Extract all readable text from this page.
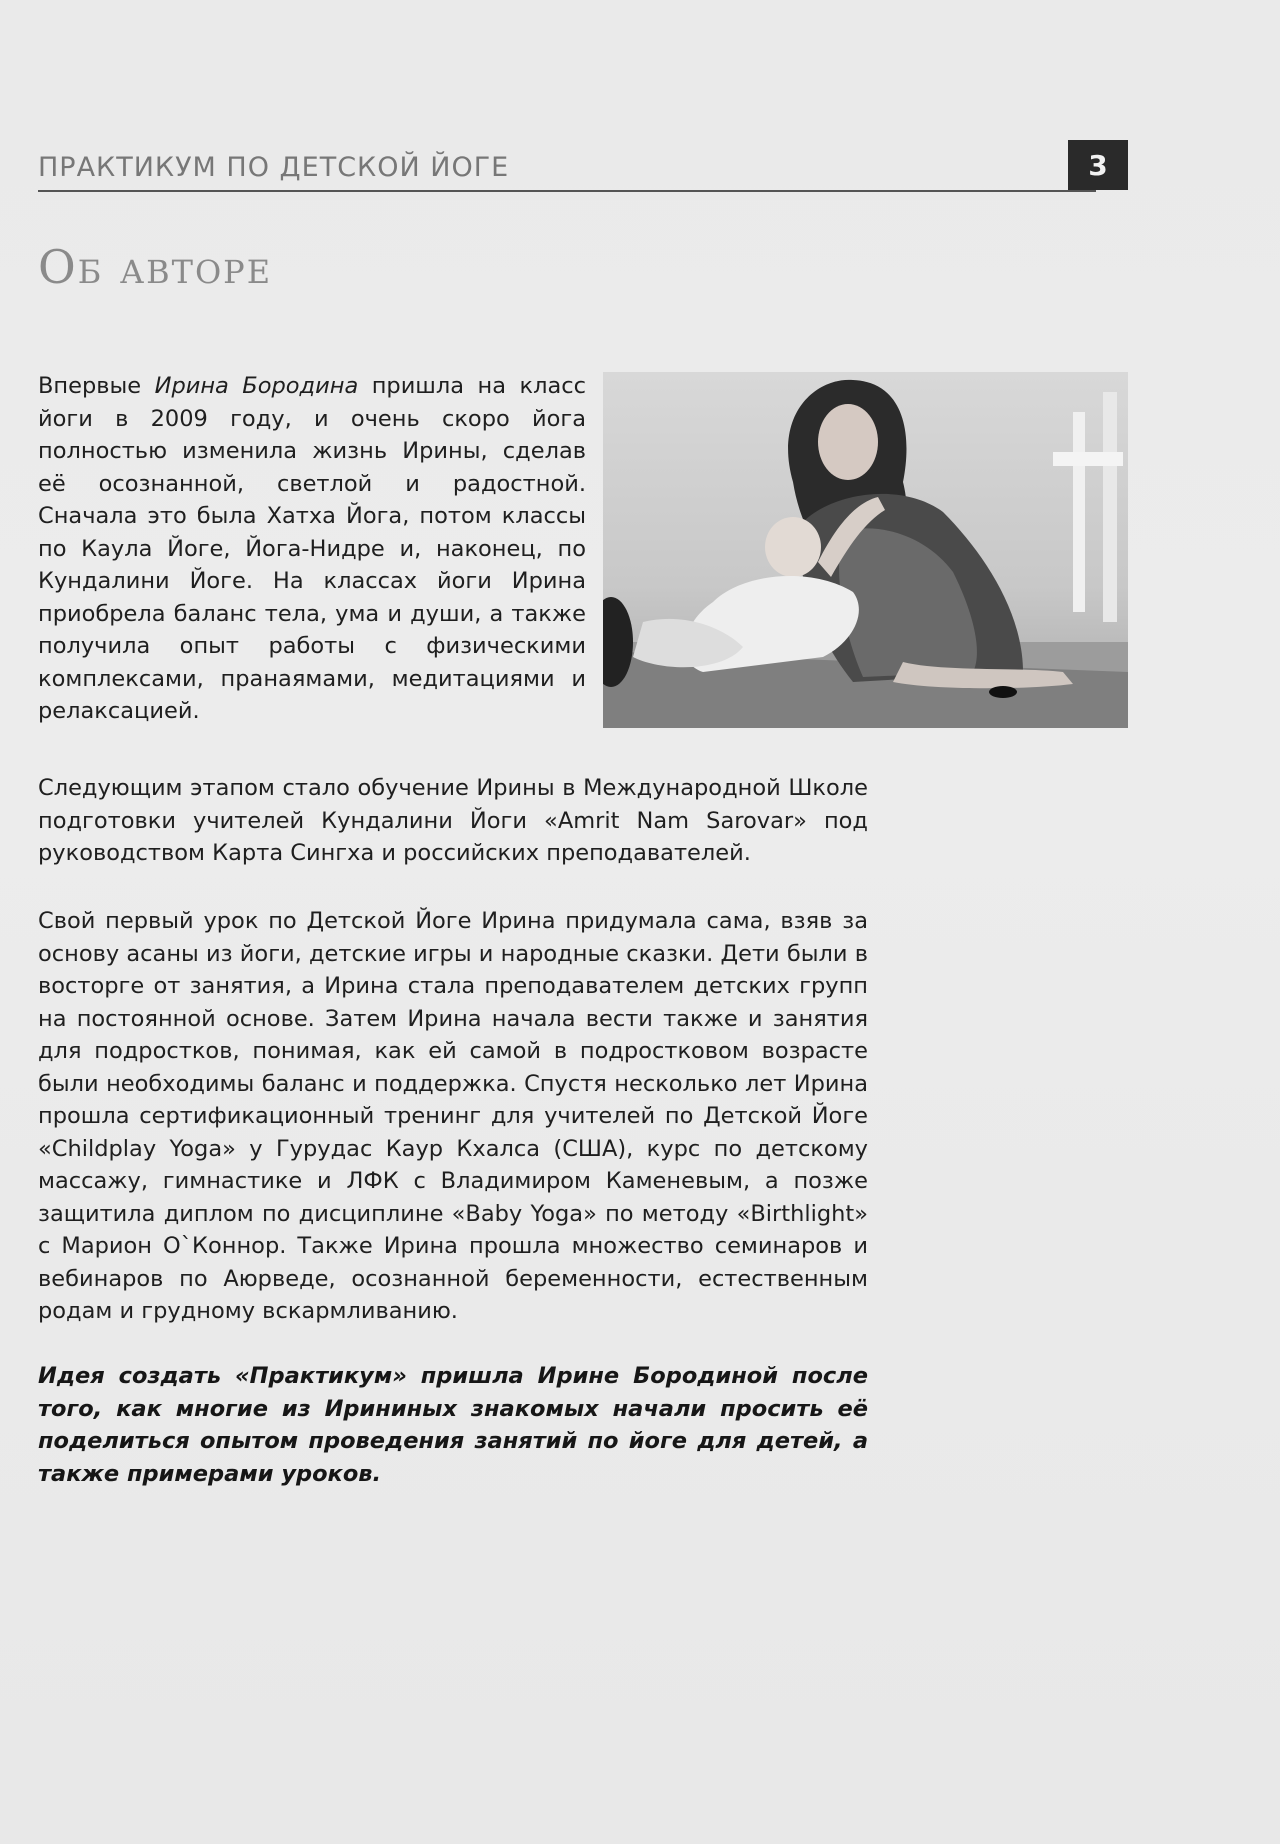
ПРАКТИКУМ ПО ДЕТСКОЙ ЙОГЕ	3
Об авторе

Впервые Ирина Бородина пришла на класс йоги в 2009 году, и очень скоро йога полностью изменила жизнь Ирины, сделав её осознанной, светлой и радостной. Сначала это была Хатха Йога, потом классы по Каула Йоге, Йога-Нидре и, наконец, по Кундалини Йоге. На классах йоги Ирина приобрела баланс тела, ума и души, а также получила опыт работы с физическими комплексами, пранаямами, медитациями и релаксацией.

Следующим этапом стало обучение Ирины в Международной Школе подготовки учителей Кундалини Йоги «Amrit Nam Sarovar» под руководством Карта Сингха и российских преподавателей.

Свой первый урок по Детской Йоге Ирина придумала сама, взяв за основу асаны из йоги, детские игры и народные сказки. Дети были в восторге от занятия, а Ирина стала преподавателем детских групп на постоянной основе. Затем Ирина начала вести также и занятия для подростков, понимая, как ей самой в подростковом возрасте были необходимы баланс и поддержка. Спустя несколько лет Ирина прошла сертификационный тренинг для учителей по Детской Йоге «Childplay Yoga» у Гурудас Каур Кхалса (США), курс по детскому массажу, гимнастике и ЛФК с Владимиром Каменевым, а позже защитила диплом по дисциплине «Baby Yoga» по методу «Birthlight» с Марион О`Коннор. Также Ирина прошла множество семинаров и вебинаров по Аюрведе, осознанной беременности, естественным родам и грудному вскармливанию.

Идея создать «Практикум» пришла Ирине Бородиной после того, как многие из Ирининых знакомых начали просить её поделиться опытом проведения занятий по йоге для детей, а также примерами уроков.
